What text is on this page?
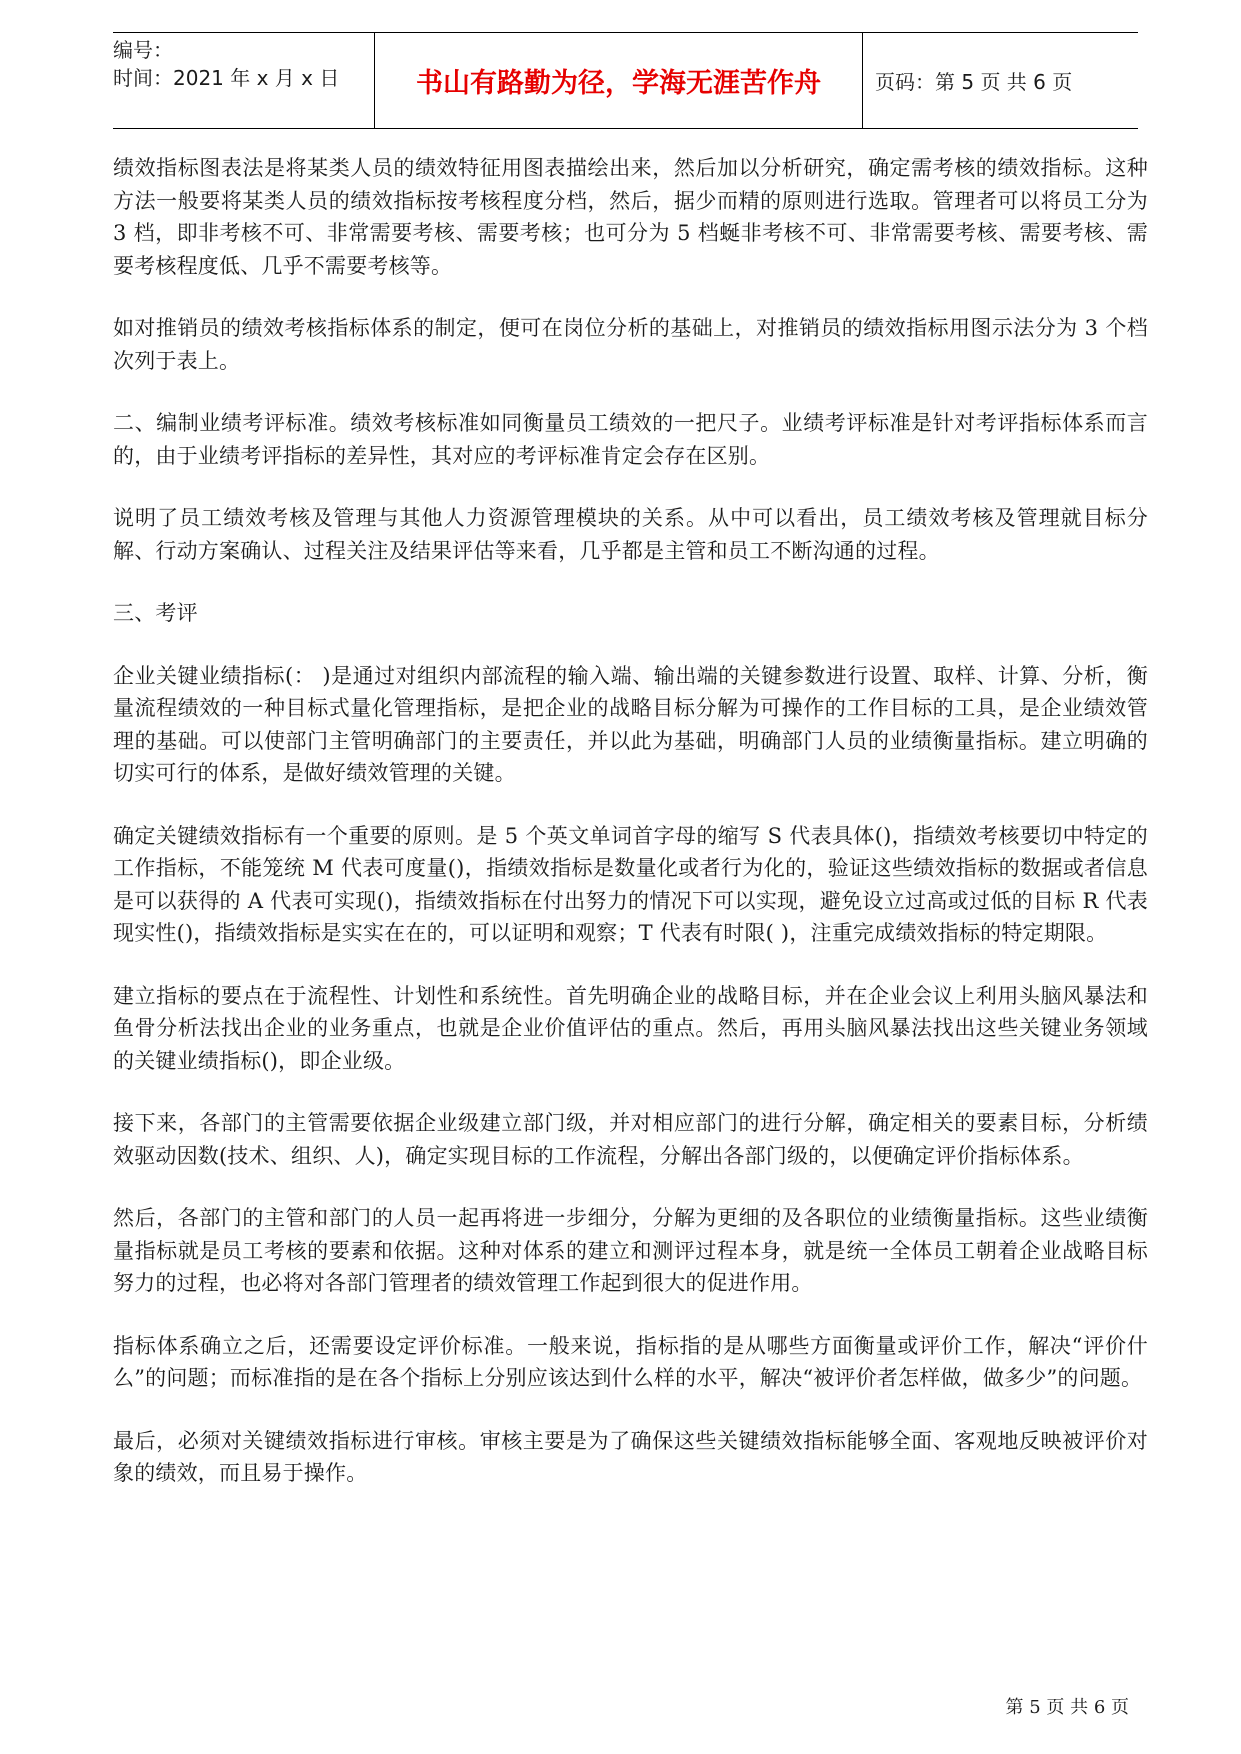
编号：
时间：2021 年 x 月 x 日	书山有路勤为径，学海无涯苦作舟	页码：第 5 页 共 6 页

绩效指标图表法是将某类人员的绩效特征用图表描绘出来，然后加以分析研究，确定需考核的绩效指标。这种方法一般要将某类人员的绩效指标按考核程度分档，然后，据少而精的原则进行选取。管理者可以将员工分为 3 档，即非考核不可、非常需要考核、需要考核；也可分为 5 档蜒非考核不可、非常需要考核、需要考核、需要考核程度低、几乎不需要考核等。

如对推销员的绩效考核指标体系的制定，便可在岗位分析的基础上，对推销员的绩效指标用图示法分为 3 个档次列于表上。

二、编制业绩考评标准。绩效考核标准如同衡量员工绩效的一把尺子。业绩考评标准是针对考评指标体系而言的，由于业绩考评指标的差异性，其对应的考评标准肯定会存在区别。

说明了员工绩效考核及管理与其他人力资源管理模块的关系。从中可以看出，员工绩效考核及管理就目标分解、行动方案确认、过程关注及结果评估等来看，几乎都是主管和员工不断沟通的过程。

三、考评

企业关键业绩指标(： )是通过对组织内部流程的输入端、输出端的关键参数进行设置、取样、计算、分析，衡量流程绩效的一种目标式量化管理指标，是把企业的战略目标分解为可操作的工作目标的工具，是企业绩效管理的基础。可以使部门主管明确部门的主要责任，并以此为基础，明确部门人员的业绩衡量指标。建立明确的切实可行的体系，是做好绩效管理的关键。

确定关键绩效指标有一个重要的原则。是 5 个英文单词首字母的缩写 S 代表具体()，指绩效考核要切中特定的工作指标，不能笼统 M 代表可度量()，指绩效指标是数量化或者行为化的，验证这些绩效指标的数据或者信息是可以获得的 A 代表可实现()，指绩效指标在付出努力的情况下可以实现，避免设立过高或过低的目标 R 代表现实性()，指绩效指标是实实在在的，可以证明和观察；T 代表有时限( )，注重完成绩效指标的特定期限。

建立指标的要点在于流程性、计划性和系统性。首先明确企业的战略目标，并在企业会议上利用头脑风暴法和鱼骨分析法找出企业的业务重点，也就是企业价值评估的重点。然后，再用头脑风暴法找出这些关键业务领域的关键业绩指标()，即企业级。

接下来，各部门的主管需要依据企业级建立部门级，并对相应部门的进行分解，确定相关的要素目标，分析绩效驱动因数(技术、组织、人)，确定实现目标的工作流程，分解出各部门级的，以便确定评价指标体系。

然后，各部门的主管和部门的人员一起再将进一步细分，分解为更细的及各职位的业绩衡量指标。这些业绩衡量指标就是员工考核的要素和依据。这种对体系的建立和测评过程本身，就是统一全体员工朝着企业战略目标努力的过程，也必将对各部门管理者的绩效管理工作起到很大的促进作用。

指标体系确立之后，还需要设定评价标准。一般来说，指标指的是从哪些方面衡量或评价工作，解决“评价什么”的问题；而标准指的是在各个指标上分别应该达到什么样的水平，解决“被评价者怎样做，做多少”的问题。

最后，必须对关键绩效指标进行审核。审核主要是为了确保这些关键绩效指标能够全面、客观地反映被评价对象的绩效，而且易于操作。

第 5 页 共 6 页
